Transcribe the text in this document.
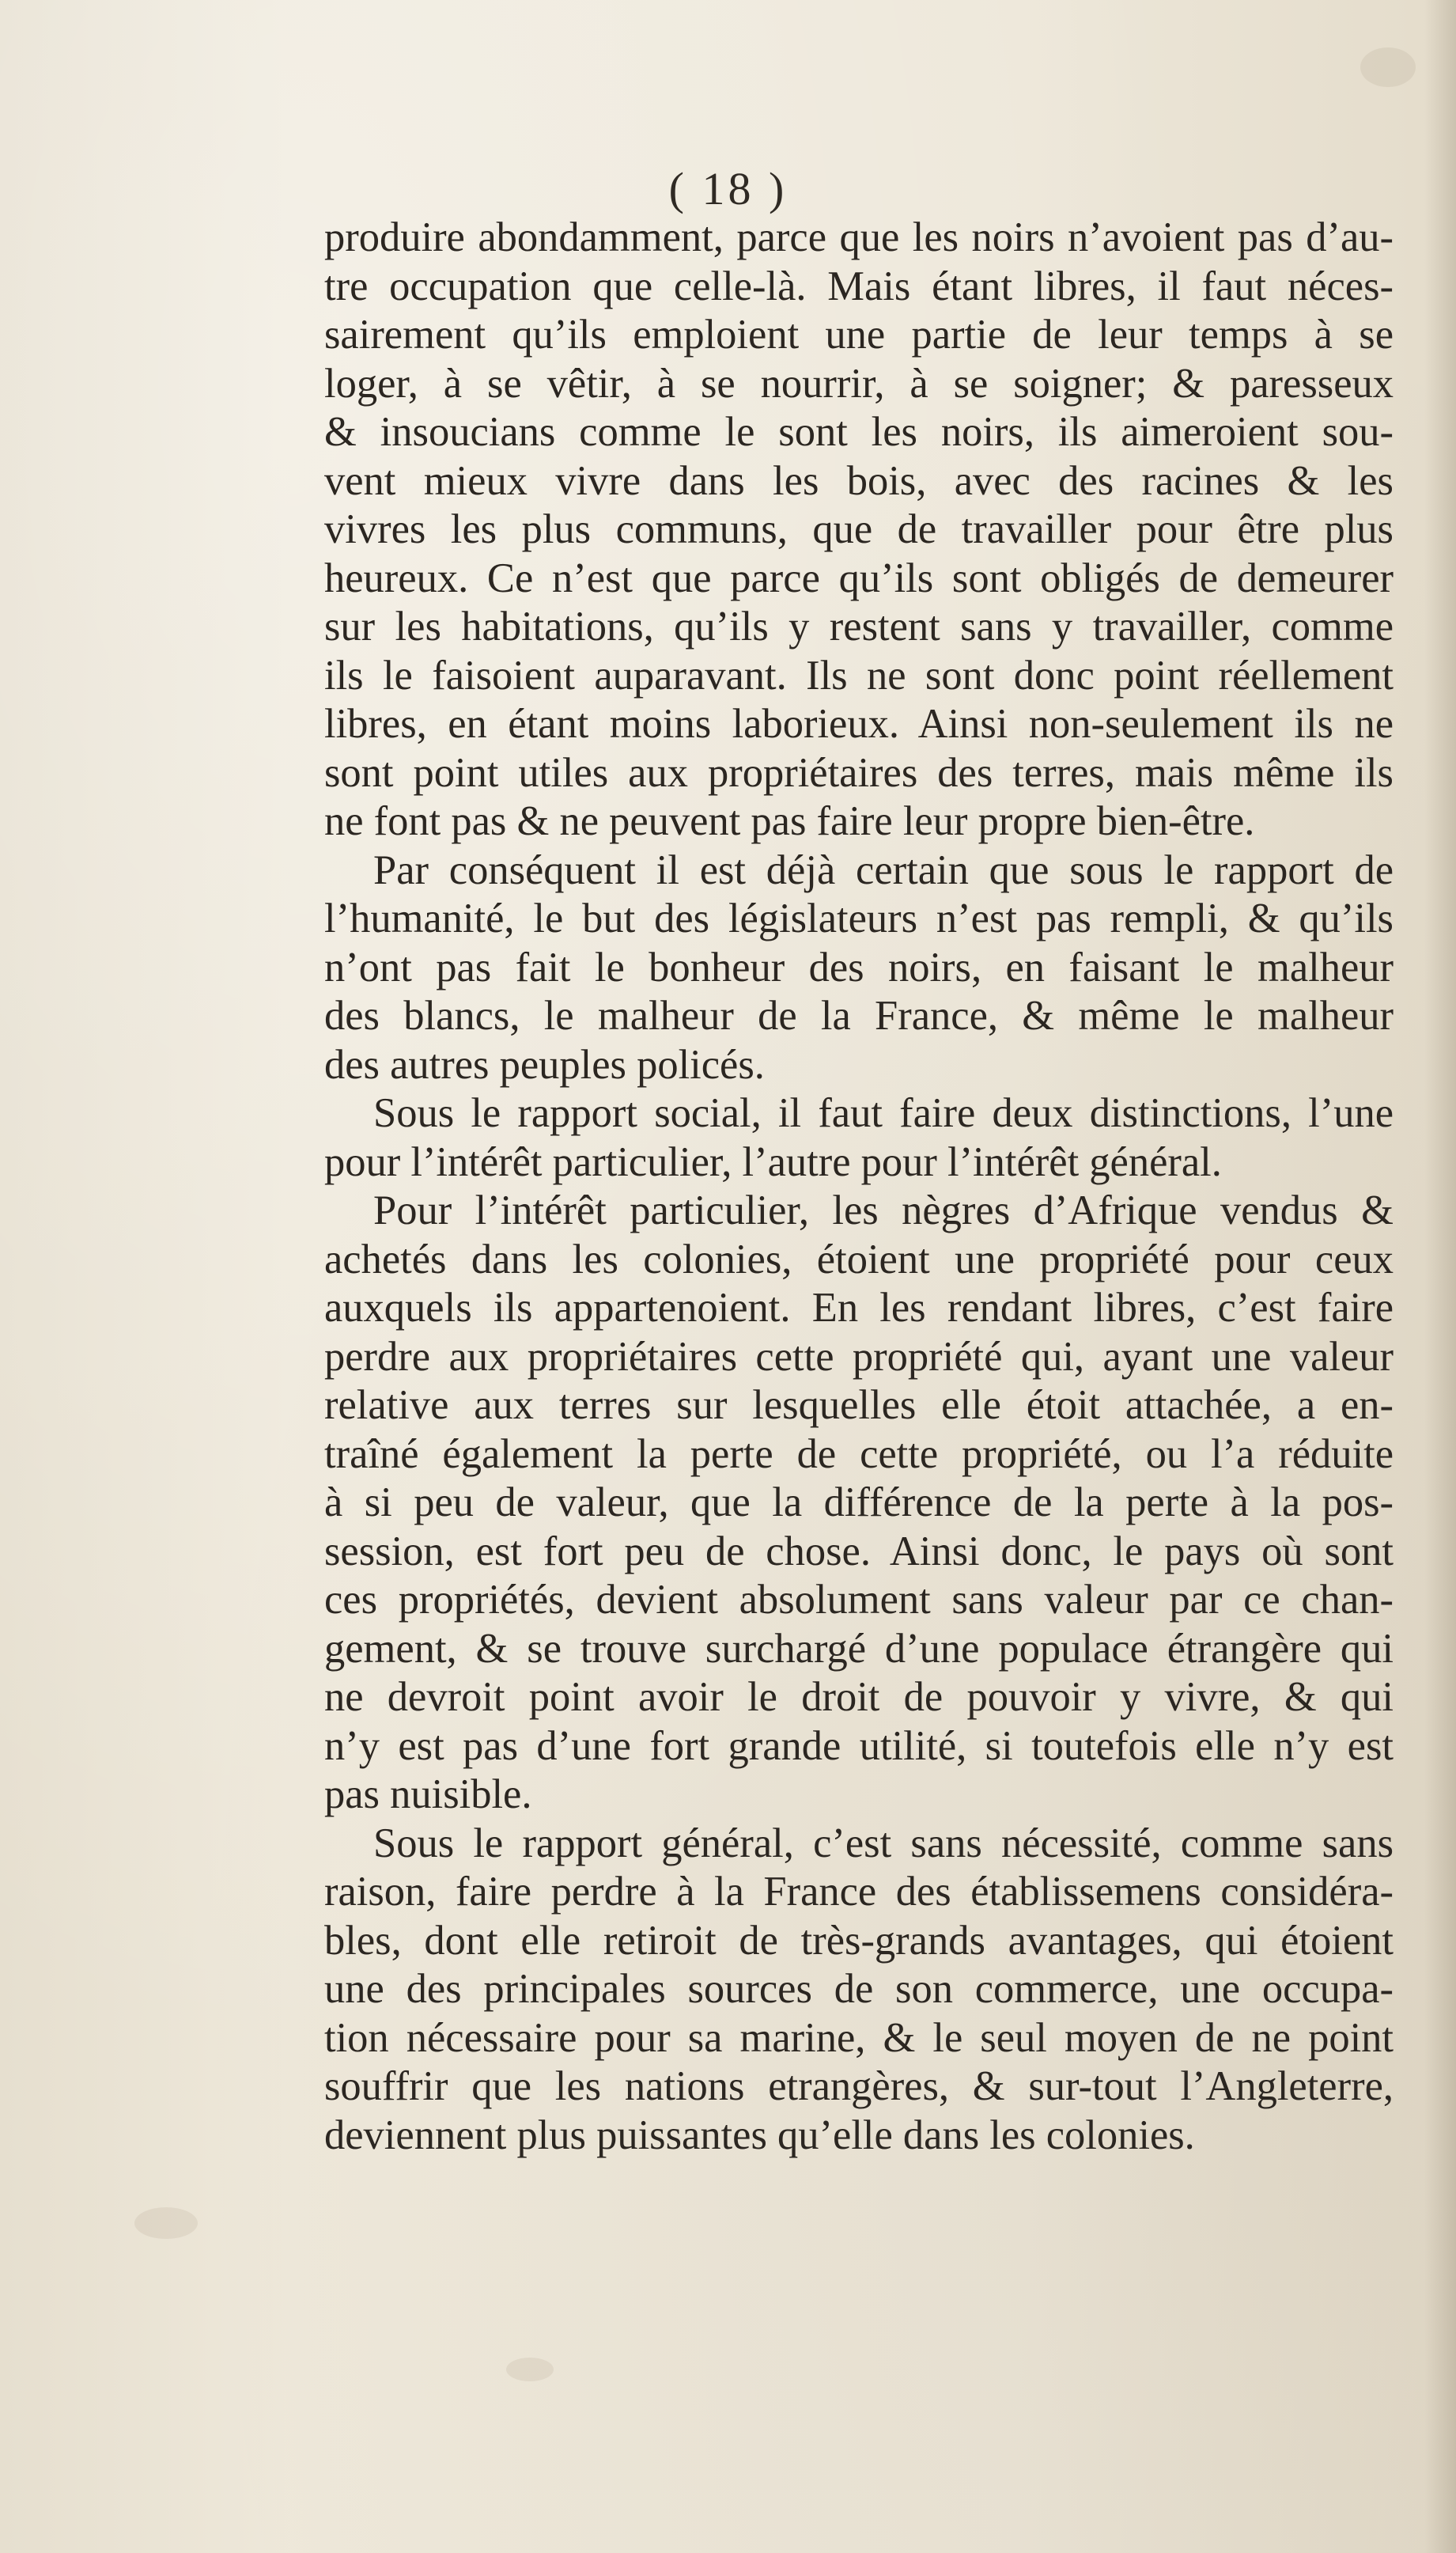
( 18 )
produire abondamment, parce que les noirs n’avoient pas d’au-
tre occupation que celle-là. Mais étant libres, il faut néces-
sairement qu’ils emploient une partie de leur temps à se
loger, à se vêtir, à se nourrir, à se soigner; & paresseux
& insoucians comme le sont les noirs, ils aimeroient sou-
vent mieux vivre dans les bois, avec des racines & les
vivres les plus communs, que de travailler pour être plus
heureux. Ce n’est que parce qu’ils sont obligés de demeurer
sur les habitations, qu’ils y restent sans y travailler, comme
ils le faisoient auparavant. Ils ne sont donc point réellement
libres, en étant moins laborieux. Ainsi non-seulement ils ne
sont point utiles aux propriétaires des terres, mais même ils
ne font pas & ne peuvent pas faire leur propre bien-être.
Par conséquent il est déjà certain que sous le rapport de
l’humanité, le but des législateurs n’est pas rempli, & qu’ils
n’ont pas fait le bonheur des noirs, en faisant le malheur
des blancs, le malheur de la France, & même le malheur
des autres peuples policés.
Sous le rapport social, il faut faire deux distinctions, l’une
pour l’intérêt particulier, l’autre pour l’intérêt général.
Pour l’intérêt particulier, les nègres d’Afrique vendus &
achetés dans les colonies, étoient une propriété pour ceux
auxquels ils appartenoient. En les rendant libres, c’est faire
perdre aux propriétaires cette propriété qui, ayant une valeur
relative aux terres sur lesquelles elle étoit attachée, a en-
traîné également la perte de cette propriété, ou l’a réduite
à si peu de valeur, que la différence de la perte à la pos-
session, est fort peu de chose. Ainsi donc, le pays où sont
ces propriétés, devient absolument sans valeur par ce chan-
gement, & se trouve surchargé d’une populace étrangère qui
ne devroit point avoir le droit de pouvoir y vivre, & qui
n’y est pas d’une fort grande utilité, si toutefois elle n’y est
pas nuisible.
Sous le rapport général, c’est sans nécessité, comme sans
raison, faire perdre à la France des établissemens considéra-
bles, dont elle retiroit de très-grands avantages, qui étoient
une des principales sources de son commerce, une occupa-
tion nécessaire pour sa marine, & le seul moyen de ne point
souffrir que les nations etrangères, & sur-tout l’Angleterre,
deviennent plus puissantes qu’elle dans les colonies.
